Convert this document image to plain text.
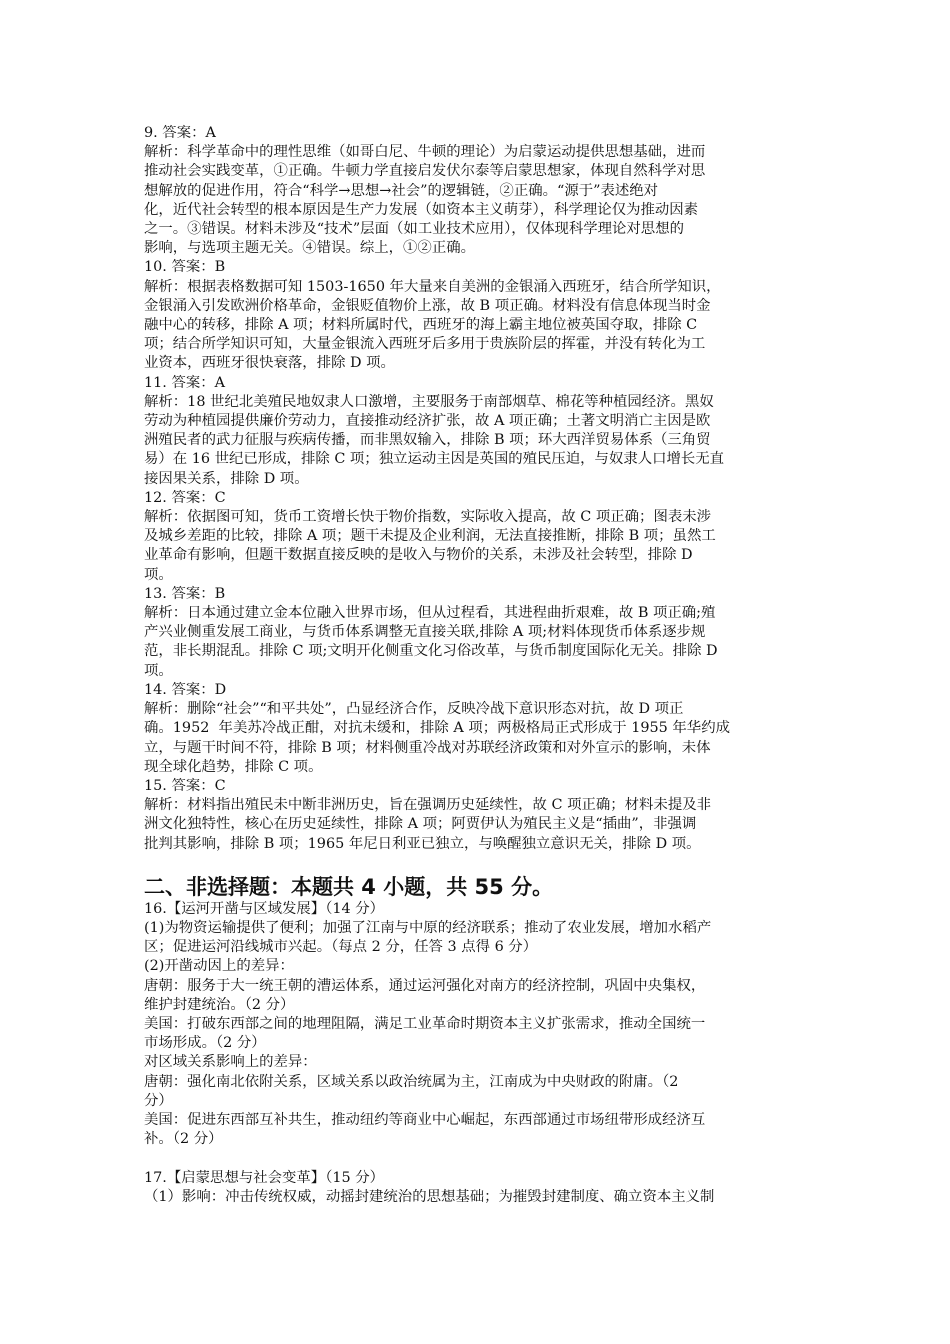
9. 答案：A
解析：科学革命中的理性思维（如哥白尼、牛顿的理论）为启蒙运动提供思想基础，进而
推动社会实践变革，①正确。牛顿力学直接启发伏尔泰等启蒙思想家，体现自然科学对思
想解放的促进作用，符合“科学→思想→社会”的逻辑链，②正确。“源于”表述绝对
化，近代社会转型的根本原因是生产力发展（如资本主义萌芽），科学理论仅为推动因素
之一。③错误。材料未涉及“技术”层面（如工业技术应用），仅体现科学理论对思想的
影响，与选项主题无关。④错误。综上，①②正确。
10. 答案：B
解析：根据表格数据可知 1503-1650 年大量来自美洲的金银涌入西班牙，结合所学知识，
金银涌入引发欧洲价格革命，金银贬值物价上涨，故 B 项正确。材料没有信息体现当时金
融中心的转移，排除 A 项；材料所属时代，西班牙的海上霸主地位被英国夺取，排除 C
项；结合所学知识可知，大量金银流入西班牙后多用于贵族阶层的挥霍，并没有转化为工
业资本，西班牙很快衰落，排除 D 项。
11. 答案：A
解析：18 世纪北美殖民地奴隶人口激增，主要服务于南部烟草、棉花等种植园经济。黑奴
劳动为种植园提供廉价劳动力，直接推动经济扩张，故 A 项正确；土著文明消亡主因是欧
洲殖民者的武力征服与疾病传播，而非黑奴输入，排除 B 项；环大西洋贸易体系（三角贸
易）在 16 世纪已形成，排除 C 项；独立运动主因是英国的殖民压迫，与奴隶人口增长无直
接因果关系，排除 D 项。
12. 答案：C
解析：依据图可知，货币工资增长快于物价指数，实际收入提高，故 C 项正确；图表未涉
及城乡差距的比较，排除 A 项；题干未提及企业利润，无法直接推断，排除 B 项；虽然工
业革命有影响，但题干数据直接反映的是收入与物价的关系，未涉及社会转型，排除 D
项。
13. 答案：B
解析：日本通过建立金本位融入世界市场，但从过程看，其进程曲折艰难，故 B 项正确;殖
产兴业侧重发展工商业，与货币体系调整无直接关联,排除 A 项;材料体现货币体系逐步规
范，非长期混乱。排除 C 项;文明开化侧重文化习俗改革，与货币制度国际化无关。排除 D
项。
14. 答案：D
解析：删除“社会”“和平共处”，凸显经济合作，反映冷战下意识形态对抗，故 D 项正
确。1952  年美苏冷战正酣，对抗未缓和，排除 A 项；两极格局正式形成于 1955 年华约成
立，与题干时间不符，排除 B 项；材料侧重冷战对苏联经济政策和对外宣示的影响，未体
现全球化趋势，排除 C 项。
15. 答案：C
解析：材料指出殖民未中断非洲历史，旨在强调历史延续性，故 C 项正确；材料未提及非
洲文化独特性，核心在历史延续性，排除 A 项；阿贾伊认为殖民主义是“插曲”，非强调
批判其影响，排除 B 项；1965 年尼日利亚已独立，与唤醒独立意识无关，排除 D 项。
二、非选择题：本题共 4 小题，共 55 分。
16.【运河开凿与区域发展】（14 分）
(1)为物资运输提供了便利；加强了江南与中原的经济联系；推动了农业发展，增加水稻产
区；促进运河沿线城市兴起。（每点 2 分，任答 3 点得 6 分）
(2)开凿动因上的差异：
唐朝：服务于大一统王朝的漕运体系，通过运河强化对南方的经济控制，巩固中央集权，
维护封建统治。（2 分）
美国：打破东西部之间的地理阻隔，满足工业革命时期资本主义扩张需求，推动全国统一
市场形成。（2 分）
对区域关系影响上的差异：
唐朝：强化南北依附关系，区域关系以政治统属为主，江南成为中央财政的附庸。（2
分）
美国：促进东西部互补共生，推动纽约等商业中心崛起，东西部通过市场纽带形成经济互
补。（2 分）
17.【启蒙思想与社会变革】（15 分）
（1）影响：冲击传统权威，动摇封建统治的思想基础；为摧毁封建制度、确立资本主义制
